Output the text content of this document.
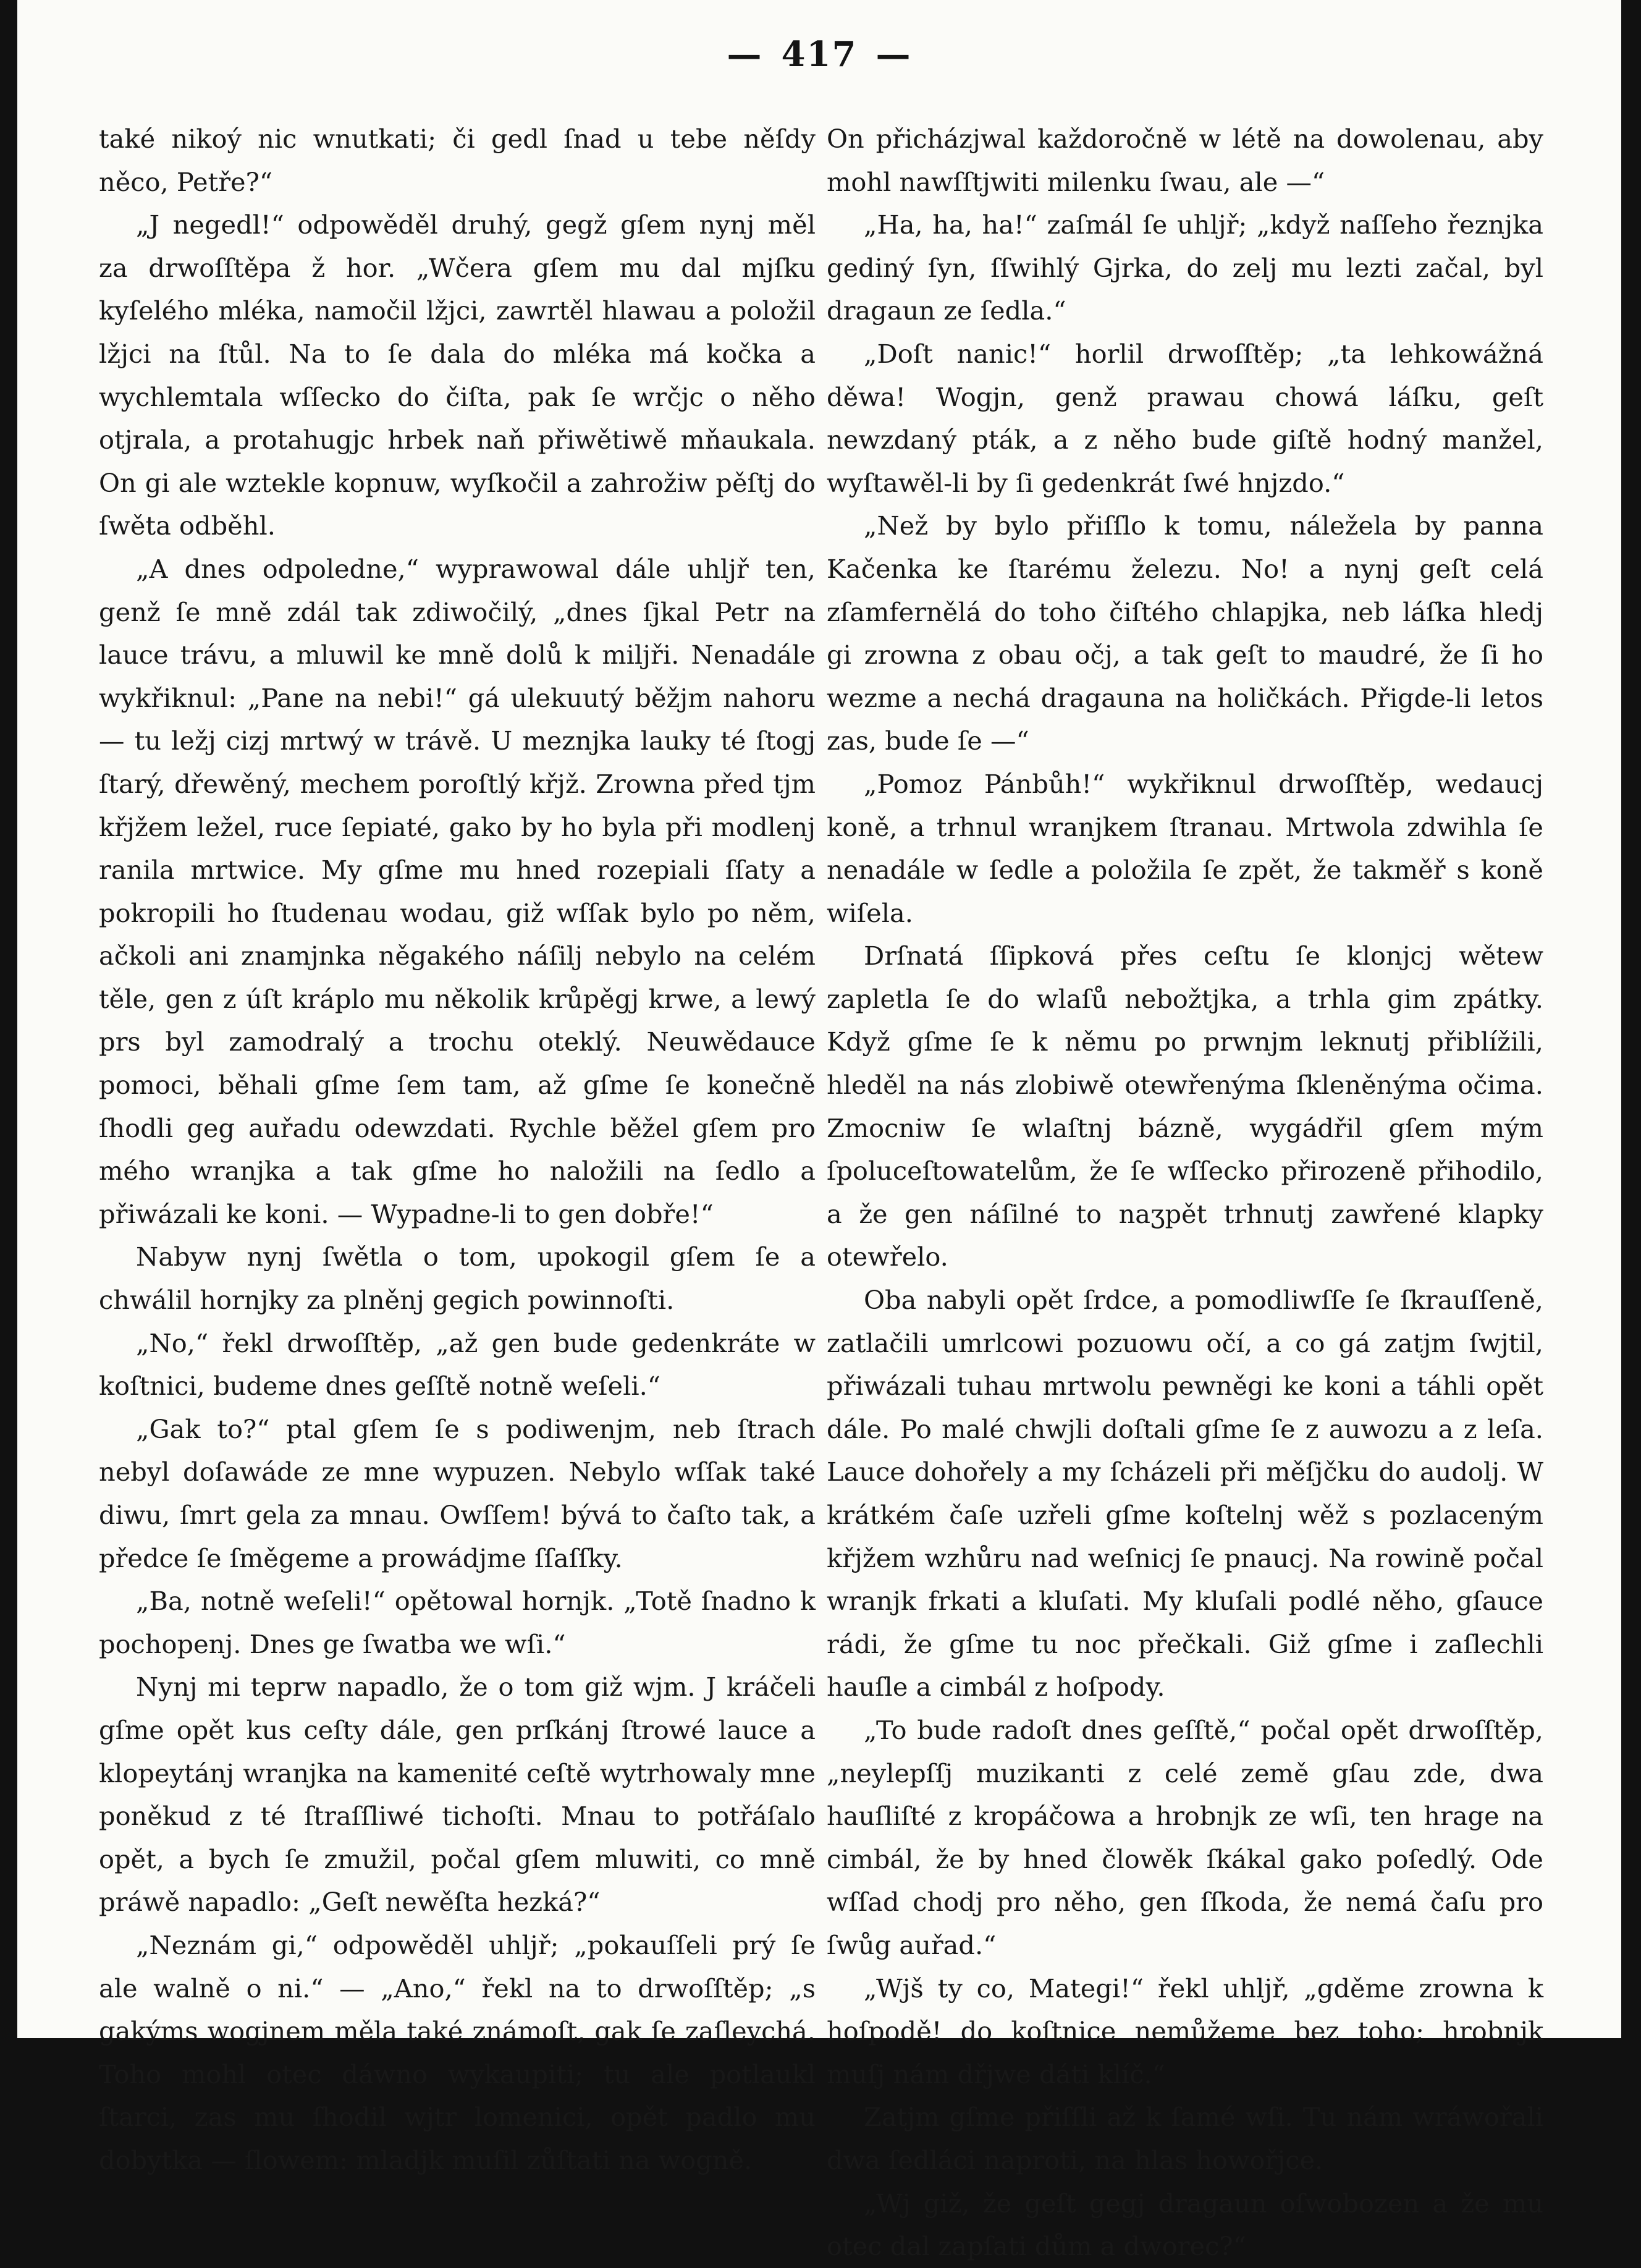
— 417 —

také nikoý nic wnutkati; či gedl ſnad u tebe něſdy něco, Petře?“

„J negedl!“ odpowěděl druhý, gegž gſem nynj měl za drwoſſtěpa ž hor. „Wčera gſem mu dal mjſku kyſelého mléka, namočil lžjci, zawrtěl hlawau a položil lžjci na ſtůl. Na to ſe dala do mléka má kočka a wychlemtala wſſecko do čiſta, pak ſe wrčjc o něho otjrala, a protahugjc hrbek naň přiwětiwě mňaukala. On gi ale wztekle kopnuw, wyſkočil a zahrožiw pěſtj do ſwěta odběhl.

„A dnes odpoledne,“ wyprawowal dále uhljř ten, genž ſe mně zdál tak zdiwočilý, „dnes ſjkal Petr na lauce trávu, a mluwil ke mně dolů k miljři. Nenadále wykřiknul: „Pane na nebi!“ gá ulekuutý běžjm nahoru — tu ležj cizj mrtwý w trávě. U meznjka lauky té ſtogj ſtarý, dřewěný, mechem poroſtlý křjž. Zrowna před tjm křjžem ležel, ruce ſepiaté, gako by ho byla při modlenj ranila mrtwice. My gſme mu hned rozepiali ſſaty a pokropili ho ſtudenau wodau, giž wſſak bylo po něm, ačkoli ani znamjnka něgakého náſilj nebylo na celém těle, gen z úſt kráplo mu několik krůpěgj krwe, a lewý prs byl zamodralý a trochu oteklý. Neuwědauce pomoci, běhali gſme ſem tam, až gſme ſe konečně ſhodli geg auřadu odewzdati. Rychle běžel gſem pro mého wranjka a tak gſme ho naložili na ſedlo a přiwázali ke koni. — Wypadne-li to gen dobře!“

Nabyw nynj ſwětla o tom, upokogil gſem ſe a chwálil hornjky za plněnj gegich powinnoſti.

„No,“ řekl drwoſſtěp, „až gen bude gedenkráte w koſtnici, budeme dnes geſſtě notně weſeli.“

„Gak to?“ ptal gſem ſe s podiwenjm, neb ſtrach nebyl doſawáde ze mne wypuzen. Nebylo wſſak také diwu, ſmrt gela za mnau. Owſſem! bývá to čaſto tak, a předce ſe ſměgeme a prowádjme ſſaſſky.

„Ba, notně weſeli!“ opětowal hornjk. „Totě ſnadno k pochopenj. Dnes ge ſwatba we wſi.“

Nynj mi teprw napadlo, že o tom giž wjm. J kráčeli gſme opět kus ceſty dále, gen prſkánj ſtrowé lauce a klopeytánj wranjka na kamenité ceſtě wytrhowaly mne poněkud z té ſtraſſliwé tichoſti. Mnau to potřáſalo opět, a bych ſe zmužil, počal gſem mluwiti, co mně práwě napadlo: „Geſt newěſta hezká?“

„Neznám gi,“ odpowěděl uhljř; „pokauſſeli prý ſe ale walně o ni.“ — „Ano,“ řekl na to drwoſſtěp; „s gakýms wogjnem měla také známoſt, gak ſe zaſleychá. Toho mohl otec dáwno wykaupiti; tu ale potlaukl ſtarci, zas mu ſhodil wjtr lomenici, opět padlo mu dobytka — ſlowem: mladjk muſil zůſtati na wogně.

On přicházjwal každoročně w létě na dowolenau, aby mohl nawſſtjwiti milenku ſwau, ale —“

„Ha, ha, ha!“ zaſmál ſe uhljř; „když naſſeho řeznjka gediný ſyn, ſſwihlý Gjrka, do zelj mu lezti začal, byl dragaun ze ſedla.“

„Doſt nanic!“ horlil drwoſſtěp; „ta lehkowážná děwa! Wogjn, genž prawau chowá láſku, geſt newzdaný pták, a z něho bude giſtě hodný manžel, wyſtawěl-li by ſi gedenkrát ſwé hnjzdo.“

„Než by bylo přiſſlo k tomu, náležela by panna Kačenka ke ſtarému železu. No! a nynj geſt celá zſamfernělá do toho čiſtého chlapjka, neb láſka hledj gi zrowna z obau očj, a tak geſt to maudré, že ſi ho wezme a nechá dragauna na holičkách. Přigde-li letos zas, bude ſe —“

„Pomoz Pánbůh!“ wykřiknul drwoſſtěp, wedaucj koně, a trhnul wranjkem ſtranau. Mrtwola zdwihla ſe nenadále w ſedle a položila ſe zpět, že takměř s koně wiſela.

Drſnatá ſſipková přes ceſtu ſe klonjcj wětew zapletla ſe do wlaſů nebožtjka, a trhla gim zpátky. Když gſme ſe k němu po prwnjm leknutj přiblížili, hleděl na nás zlobiwě otewřenýma ſkleněnýma očima. Zmocniw ſe wlaſtnj bázně, wygádřil gſem mým ſpoluceſtowatelům, že ſe wſſecko přirozeně přihodilo, a že gen náſilné to naʒpět trhnutj zawřené klapky otewřelo.

Oba nabyli opět ſrdce, a pomodliwſſe ſe ſkrauſſeně, zatlačili umrlcowi pozuowu očí, a co gá zatjm ſwjtil, přiwázali tuhau mrtwolu pewněgi ke koni a táhli opět dále. Po malé chwjli doſtali gſme ſe z auwozu a z leſa. Lauce dohořely a my ſcházeli při měſjčku do audolj. W krátkém čaſe uzřeli gſme koſtelnj wěž s pozlaceným křjžem wzhůru nad weſnicj ſe pnaucj. Na rowině počal wranjk frkati a kluſati. My kluſali podlé něho, gſauce rádi, že gſme tu noc přečkali. Giž gſme i zaſlechli hauſle a cimbál z hoſpody.

„To bude radoſt dnes geſſtě,“ počal opět drwoſſtěp, „neylepſſj muzikanti z celé země gſau zde, dwa hauſliſté z kropáčowa a hrobnjk ze wſi, ten hrage na cimbál, že by hned člowěk ſkákal gako poſedlý. Ode wſſad chodj pro něho, gen ſſkoda, že nemá čaſu pro ſwůg auřad.“

„Wjš ty co, Mategi!“ řekl uhljř, „gděme zrowna k hoſpodě! do koſtnice nemůžeme bez toho; hrobnjk muſj nám dřjwe dáti klíč.“

Zatjm gſme přiſſli až k ſamé wſi. Tu nám wráwořali dwa ſedláci naproti, na hlas howořjce.

„Wj giž, že geſt gegj dragaun oſwobozen a že mu otec dal zapſati dům a dworec?“
